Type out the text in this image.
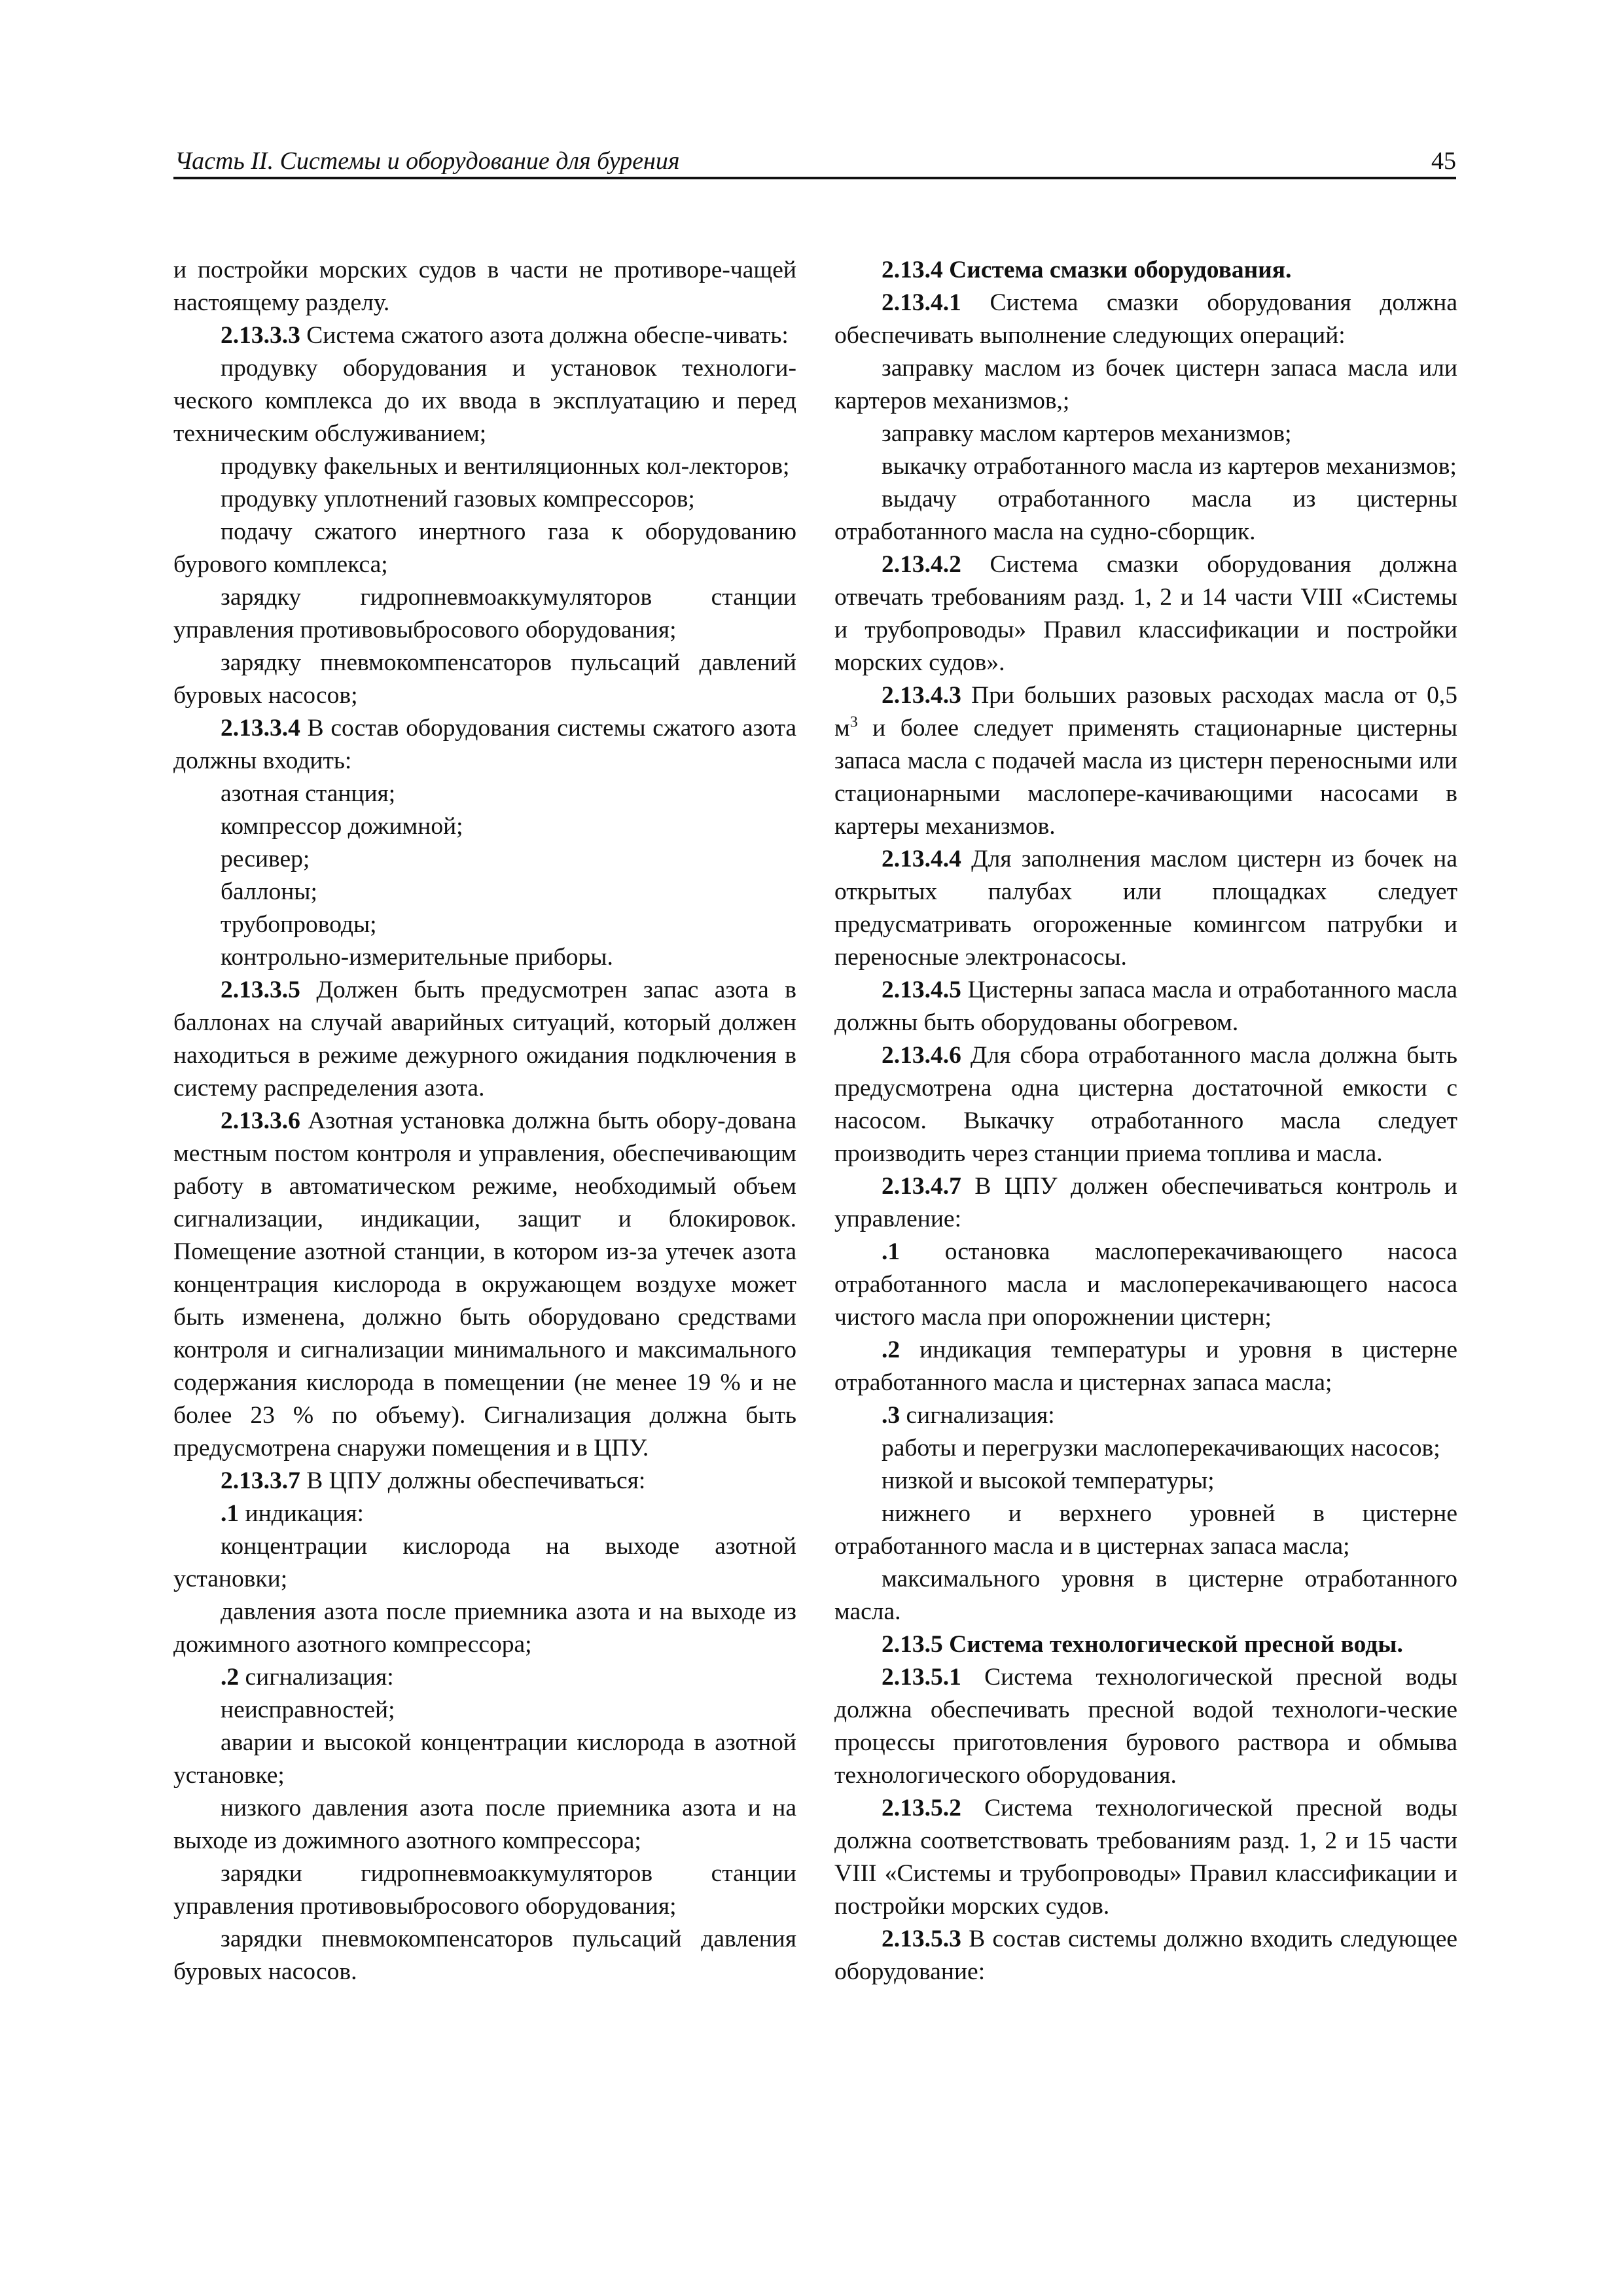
Часть II. Системы и оборудование для бурения	45

и постройки морских судов в части не противоре-чащей настоящему разделу.

2.13.3.3 Система сжатого азота должна обеспе-чивать:

продувку оборудования и установок технологи-ческого комплекса до их ввода в эксплуатацию и перед техническим обслуживанием;

продувку факельных и вентиляционных кол-лекторов;

продувку уплотнений газовых компрессоров;

подачу сжатого инертного газа к оборудованию бурового комплекса;

зарядку гидропневмоаккумуляторов станции управления противовыбросового оборудования;

зарядку пневмокомпенсаторов пульсаций давлений буровых насосов;

2.13.3.4 В состав оборудования системы сжатого азота должны входить:

азотная станция;

компрессор дожимной;

ресивер;

баллоны;

трубопроводы;

контрольно-измерительные приборы.

2.13.3.5 Должен быть предусмотрен запас азота в баллонах на случай аварийных ситуаций, который должен находиться в режиме дежурного ожидания подключения в систему распределения азота.

2.13.3.6 Азотная установка должна быть обору-дована местным постом контроля и управления, обеспечивающим работу в автоматическом режиме, необходимый объем сигнализации, индикации, защит и блокировок. Помещение азотной станции, в котором из-за утечек азота концентрация кислорода в окружающем воздухе может быть изменена, должно быть оборудовано средствами контроля и сигнализации минимального и максимального содержания кислорода в помещении (не менее 19 % и не более 23 % по объему). Сигнализация должна быть предусмотрена снаружи помещения и в ЦПУ.

2.13.3.7 В ЦПУ должны обеспечиваться:

.1 индикация:

концентрации кислорода на выходе азотной установки;

давления азота после приемника азота и на выходе из дожимного азотного компрессора;

.2 сигнализация:

неисправностей;

аварии и высокой концентрации кислорода в азотной установке;

низкого давления азота после приемника азота и на выходе из дожимного азотного компрессора;

зарядки гидропневмоаккумуляторов станции управления противовыбросового оборудования;

зарядки пневмокомпенсаторов пульсаций давления буровых насосов.

2.13.4 Система смазки оборудования.

2.13.4.1 Система смазки оборудования должна обеспечивать выполнение следующих операций:

заправку маслом из бочек цистерн запаса масла или картеров механизмов,;

заправку маслом картеров механизмов;

выкачку отработанного масла из картеров механизмов;

выдачу отработанного масла из цистерны отработанного масла на судно-сборщик.

2.13.4.2 Система смазки оборудования должна отвечать требованиям разд. 1, 2 и 14 части VIII «Системы и трубопроводы» Правил классификации и постройки морских судов».

2.13.4.3 При больших разовых расходах масла от 0,5 $м^3$ и более следует применять стационарные цистерны запаса масла с подачей масла из цистерн переносными или стационарными маслопере-качивающими насосами в картеры механизмов.

2.13.4.4 Для заполнения маслом цистерн из бочек на открытых палубах или площадках следует предусматривать огороженные комингсом патрубки и переносные электронасосы.

2.13.4.5 Цистерны запаса масла и отработанного масла должны быть оборудованы обогревом.

2.13.4.6 Для сбора отработанного масла должна быть предусмотрена одна цистерна достаточной емкости с насосом. Выкачку отработанного масла следует производить через станции приема топлива и масла.

2.13.4.7 В ЦПУ должен обеспечиваться контроль и управление:

.1 остановка маслоперекачивающего насоса отработанного масла и маслоперекачивающего насоса чистого масла при опорожнении цистерн;

.2 индикация температуры и уровня в цистерне отработанного масла и цистернах запаса масла;

.3 сигнализация:

работы и перегрузки маслоперекачивающих насосов;

низкой и высокой температуры;

нижнего и верхнего уровней в цистерне отработанного масла и в цистернах запаса масла;

максимального уровня в цистерне отработанного масла.

2.13.5 Система технологической пресной воды.

2.13.5.1 Система технологической пресной воды должна обеспечивать пресной водой технологи-ческие процессы приготовления бурового раствора и обмыва технологического оборудования.

2.13.5.2 Система технологической пресной воды должна соответствовать требованиям разд. 1, 2 и 15 части VIII «Системы и трубопроводы» Правил классификации и постройки морских судов.

2.13.5.3 В состав системы должно входить следующее оборудование:
